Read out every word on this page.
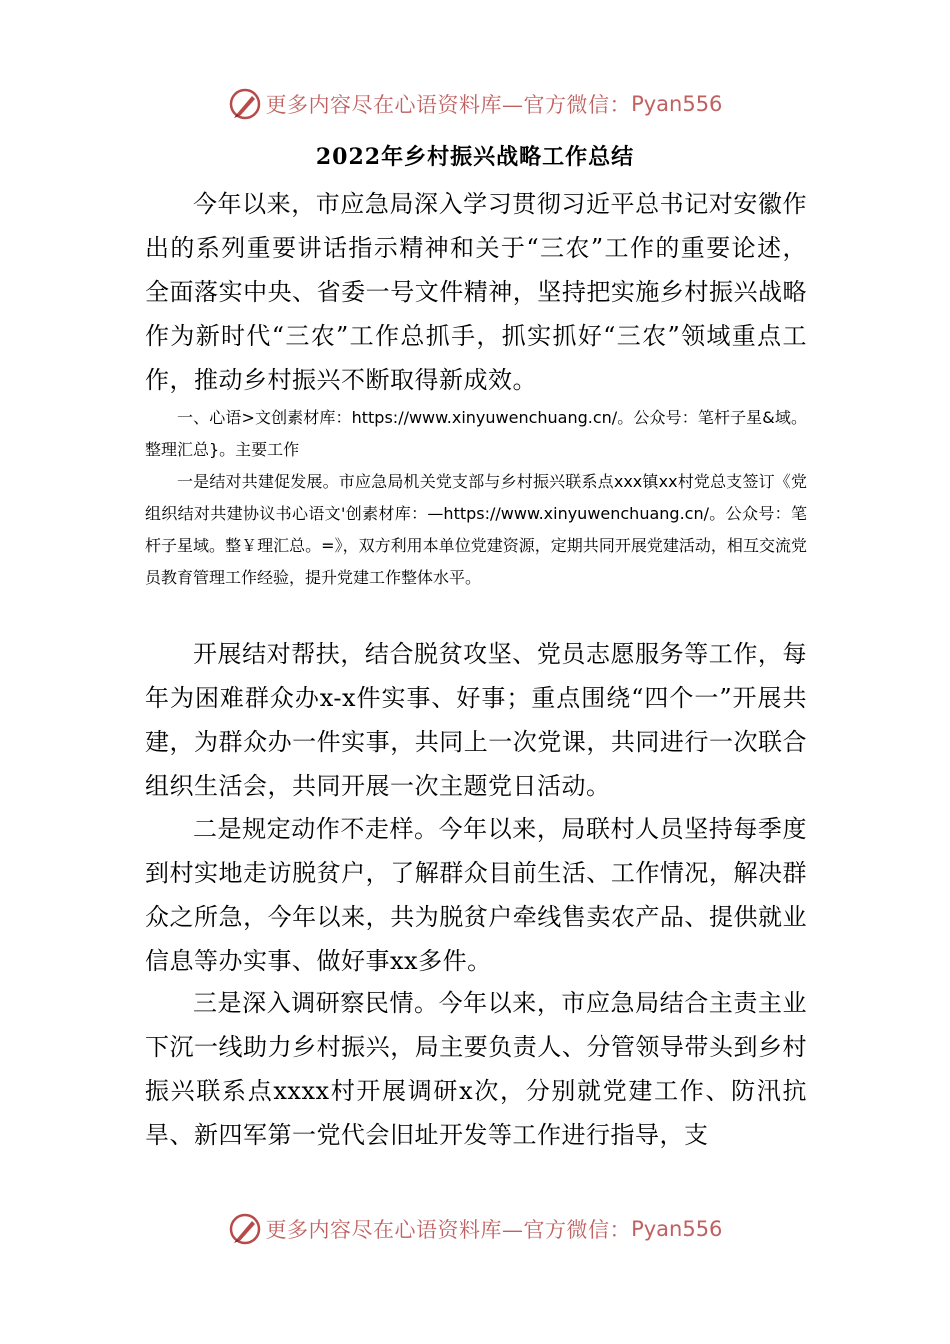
更多内容尽在心语资料库—官方微信： Pyan556
2022年乡村振兴战略工作总结

今年以来，市应急局深入学习贯彻习近平总书记对安徽作出的系列重要讲话指示精神和关于“三农”工作的重要论述，全面落实中央、省委一号文件精神，坚持把实施乡村振兴战略作为新时代“三农”工作总抓手，抓实抓好“三农”领域重点工作，推动乡村振兴不断取得新成效。

一、心语>文创素材库：https://www.xinyuwenchuang.cn/。公众号：笔杆子星&域。整理汇总}。主要工作

一是结对共建促发展。市应急局机关党支部与乡村振兴联系点xxx镇xx村党总支签订《党组织结对共建协议书心语文'创素材库：—https://www.xinyuwenchuang.cn/。公众号：笔杆子星域。整￥理汇总。=》，双方利用本单位党建资源，定期共同开展党建活动，相互交流党员教育管理工作经验，提升党建工作整体水平。

开展结对帮扶，结合脱贫攻坚、党员志愿服务等工作，每年为困难群众办x-x件实事、好事；重点围绕“四个一”开展共建，为群众办一件实事，共同上一次党课，共同进行一次联合组织生活会，共同开展一次主题党日活动。

二是规定动作不走样。今年以来，局联村人员坚持每季度到村实地走访脱贫户，了解群众目前生活、工作情况，解决群众之所急，今年以来，共为脱贫户牵线售卖农产品、提供就业信息等办实事、做好事xx多件。

三是深入调研察民情。今年以来，市应急局结合主责主业下沉一线助力乡村振兴，局主要负责人、分管领导带头到乡村振兴联系点xxxx村开展调研x次，分别就党建工作、防汛抗旱、新四军第一党代会旧址开发等工作进行指导，支

更多内容尽在心语资料库—官方微信： Pyan556
